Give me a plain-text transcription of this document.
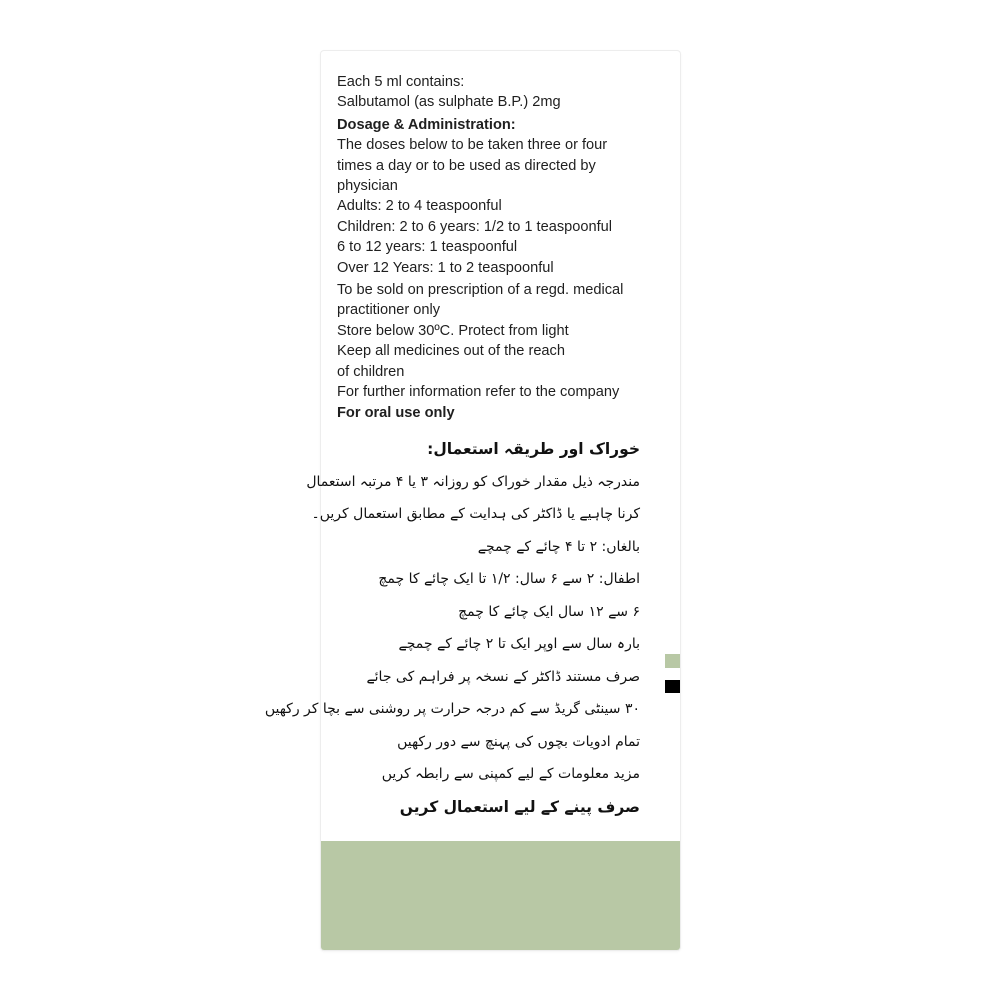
Each 5 ml contains:
Salbutamol (as sulphate B.P.) 2mg
Dosage & Administration:
The doses below to be taken three or four
times a day or to be used as directed by
physician
Adults: 2 to 4 teaspoonful
Children: 2 to 6 years: 1/2 to 1 teaspoonful
6 to 12 years: 1 teaspoonful
Over 12 Years: 1 to 2 teaspoonful
To be sold on prescription of a regd. medical
practitioner only
Store below 30ºC. Protect from light
Keep all medicines out of the reach
of children
For further information refer to the company
For oral use only
خوراک اور طریقہ استعمال:
مندرجہ ذیل مقدار خوراک کو روزانہ ۳ یا ۴ مرتبہ استعمال
کرنا چاہیے یا ڈاکٹر کی ہدایت کے مطابق استعمال کریں۔
بالغاں: ۲ تا ۴ چائے کے چمچے
اطفال: ۲ سے ۶ سال: ۱/۲ تا ایک چائے کا چمچ
۶ سے ۱۲ سال ایک چائے کا چمچ
بارہ سال سے اوپر ایک تا ۲ چائے کے چمچے
صرف مستند ڈاکٹر کے نسخہ پر فراہم کی جائے
۳۰ سینٹی گریڈ سے کم درجہ حرارت پر روشنی سے بچا کر رکھیں
تمام ادویات بچوں کی پہنچ سے دور رکھیں
مزید معلومات کے لیے کمپنی سے رابطہ کریں
صرف پینے کے لیے استعمال کریں
